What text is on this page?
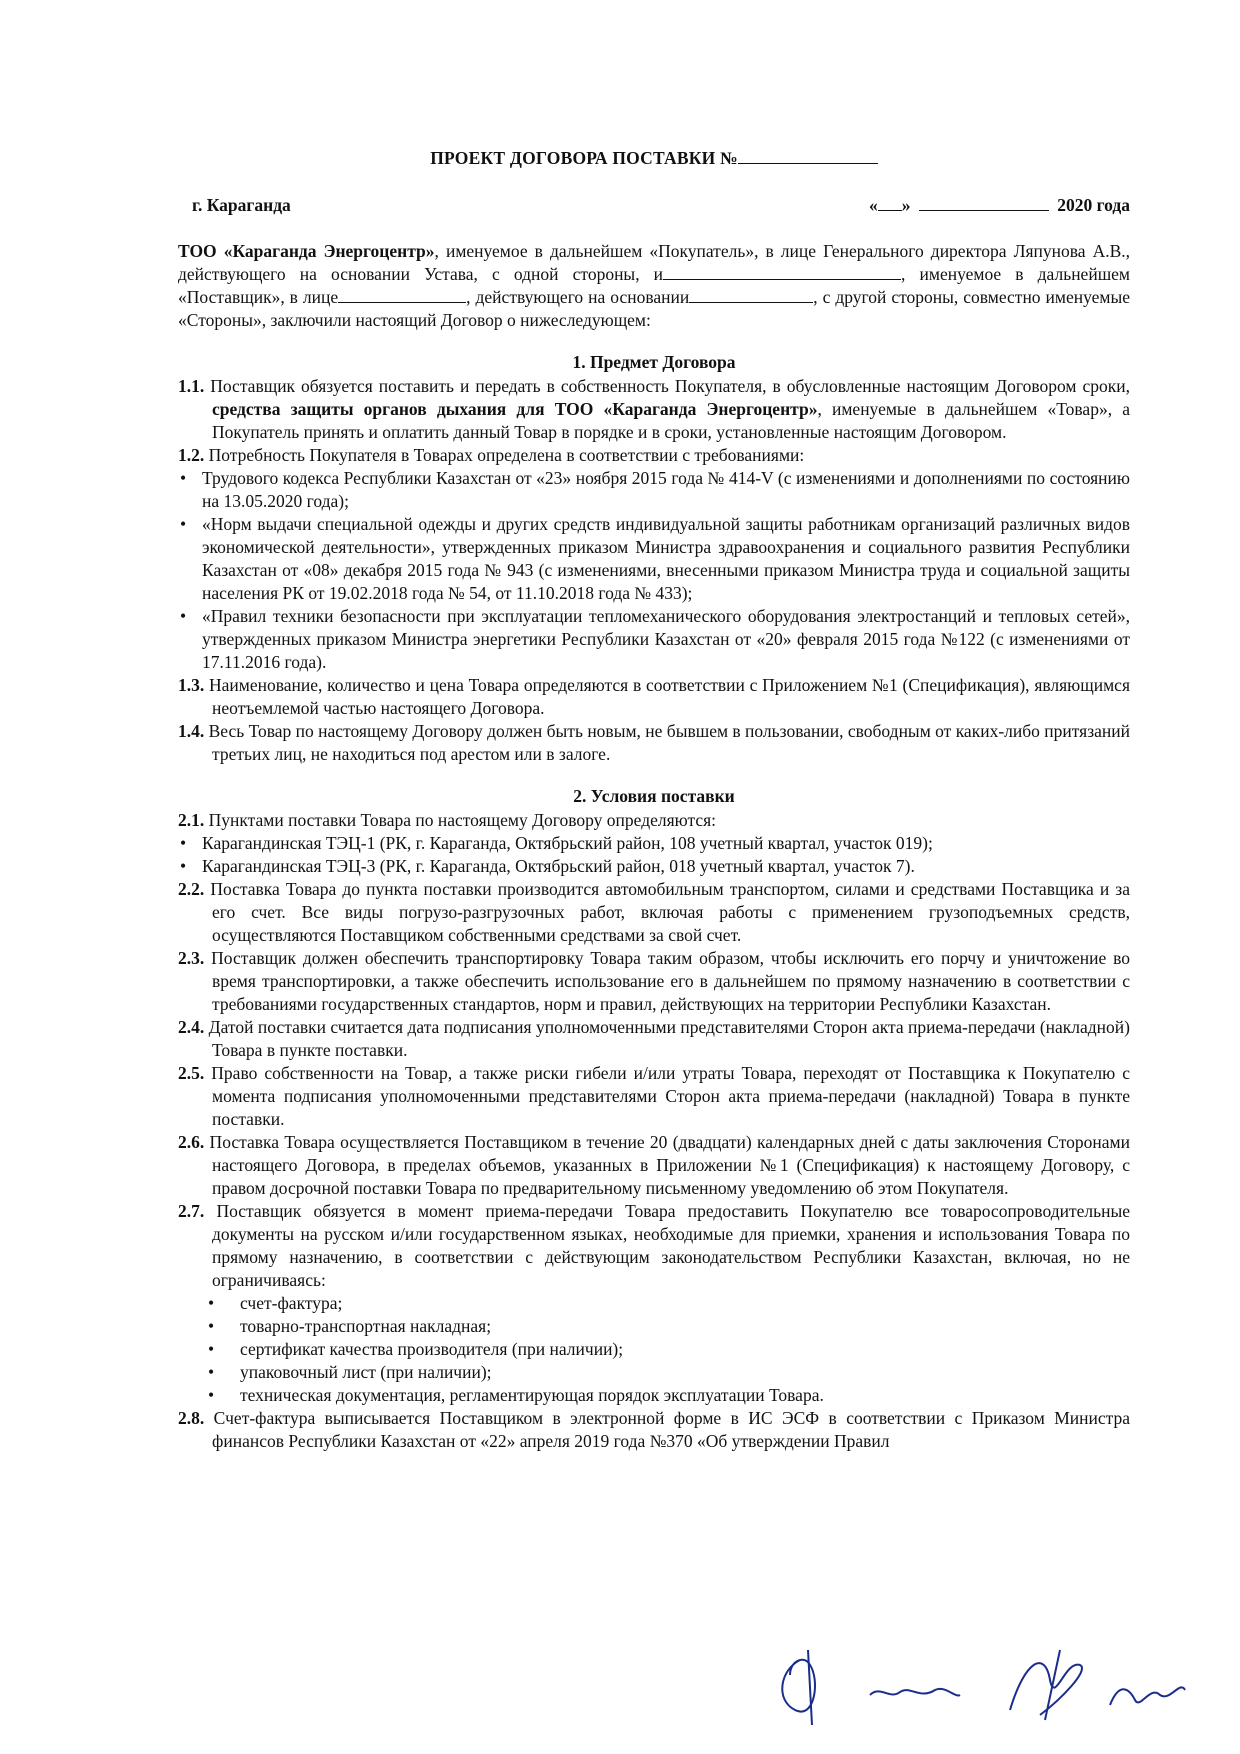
ПРОЕКТ ДОГОВОРА ПОСТАВКИ №

г. Караганда	« »	2020 года

ТОО «Караганда Энергоцентр», именуемое в дальнейшем «Покупатель», в лице Генерального директора Ляпунова А.В., действующего на основании Устава, с одной стороны, и	, именуемое в дальнейшем «Поставщик», в лице	, действующего на основании	, с другой стороны, совместно именуемые «Стороны», заключили настоящий Договор о нижеследующем:

1. Предмет Договора

1.1. Поставщик обязуется поставить и передать в собственность Покупателя, в обусловленные настоящим Договором сроки, средства защиты органов дыхания для ТОО «Караганда Энергоцентр», именуемые в дальнейшем «Товар», а Покупатель принять и оплатить данный Товар в порядке и в сроки, установленные настоящим Договором.

1.2. Потребность Покупателя в Товарах определена в соответствии с требованиями:

• Трудового кодекса Республики Казахстан от «23» ноября 2015 года № 414-V (с изменениями и дополнениями по состоянию на 13.05.2020 года);

• «Норм выдачи специальной одежды и других средств индивидуальной защиты работникам организаций различных видов экономической деятельности», утвержденных приказом Министра здравоохранения и социального развития Республики Казахстан от «08» декабря 2015 года № 943 (с изменениями, внесенными приказом Министра труда и социальной защиты населения РК от 19.02.2018 года № 54, от 11.10.2018 года № 433);

• «Правил техники безопасности при эксплуатации тепломеханического оборудования электростанций и тепловых сетей», утвержденных приказом Министра энергетики Республики Казахстан от «20» февраля 2015 года №122 (с изменениями от 17.11.2016 года).

1.3. Наименование, количество и цена Товара определяются в соответствии с Приложением №1 (Спецификация), являющимся неотъемлемой частью настоящего Договора.

1.4. Весь Товар по настоящему Договору должен быть новым, не бывшем в пользовании, свободным от каких-либо притязаний третьих лиц, не находиться под арестом или в залоге.

2. Условия поставки

2.1. Пунктами поставки Товара по настоящему Договору определяются:

• Карагандинская ТЭЦ-1 (РК, г. Караганда, Октябрьский район, 108 учетный квартал, участок 019);

• Карагандинская ТЭЦ-3 (РК, г. Караганда, Октябрьский район, 018 учетный квартал, участок 7).

2.2. Поставка Товара до пункта поставки производится автомобильным транспортом, силами и средствами Поставщика и за его счет. Все виды погрузо-разгрузочных работ, включая работы с применением грузоподъемных средств, осуществляются Поставщиком собственными средствами за свой счет.

2.3. Поставщик должен обеспечить транспортировку Товара таким образом, чтобы исключить его порчу и уничтожение во время транспортировки, а также обеспечить использование его в дальнейшем по прямому назначению в соответствии с требованиями государственных стандартов, норм и правил, действующих на территории Республики Казахстан.

2.4. Датой поставки считается дата подписания уполномоченными представителями Сторон акта приема-передачи (накладной) Товара в пункте поставки.

2.5. Право собственности на Товар, а также риски гибели и/или утраты Товара, переходят от Поставщика к Покупателю с момента подписания уполномоченными представителями Сторон акта приема-передачи (накладной) Товара в пункте поставки.

2.6. Поставка Товара осуществляется Поставщиком в течение 20 (двадцати) календарных дней с даты заключения Сторонами настоящего Договора, в пределах объемов, указанных в Приложении №1 (Спецификация) к настоящему Договору, с правом досрочной поставки Товара по предварительному письменному уведомлению об этом Покупателя.

2.7. Поставщик обязуется в момент приема-передачи Товара предоставить Покупателю все товаросопроводительные документы на русском и/или государственном языках, необходимые для приемки, хранения и использования Товара по прямому назначению, в соответствии с действующим законодательством Республики Казахстан, включая, но не ограничиваясь:

• счет-фактура;

• товарно-транспортная накладная;

• сертификат качества производителя (при наличии);

• упаковочный лист (при наличии);

• техническая документация, регламентирующая порядок эксплуатации Товара.

2.8. Счет-фактура выписывается Поставщиком в электронной форме в ИС ЭСФ в соответствии с Приказом Министра финансов Республики Казахстан от «22» апреля 2019 года №370 «Об утверждении Правил
